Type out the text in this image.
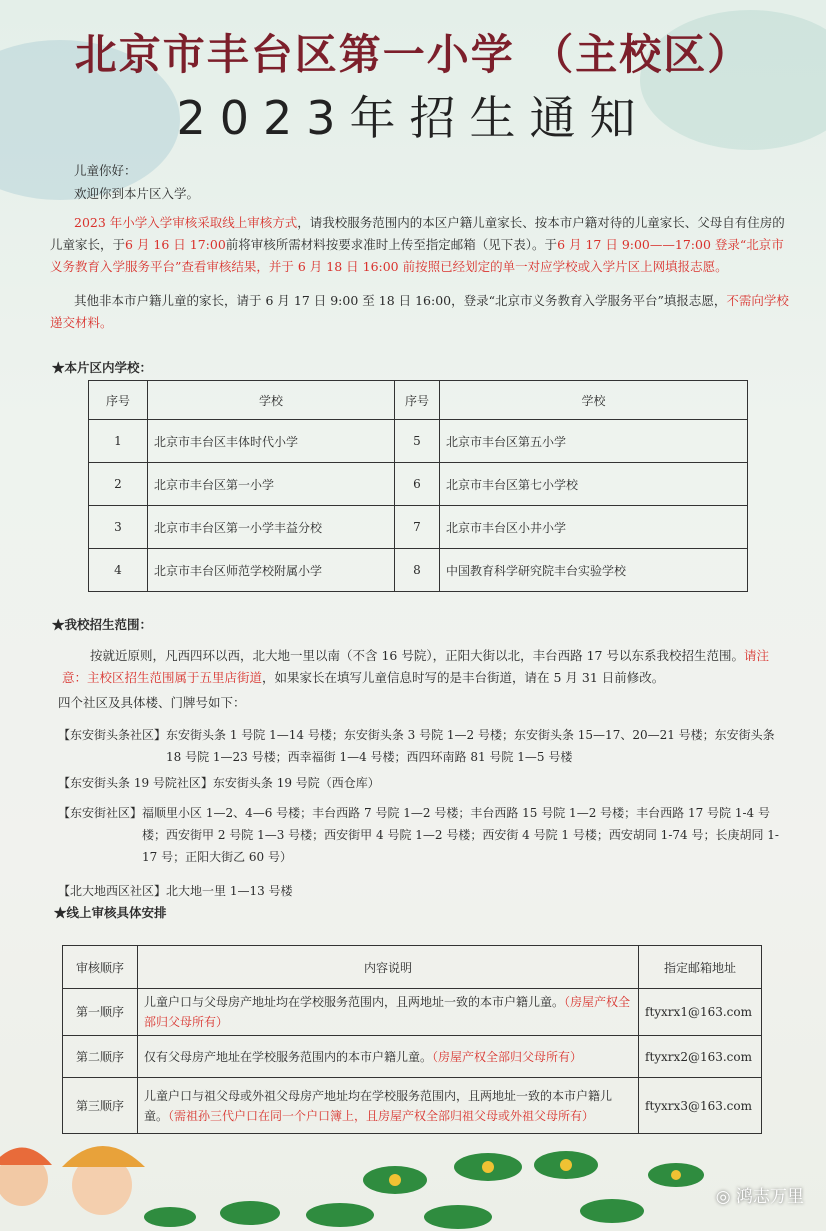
北京市丰台区第一小学 （主校区）
2023年招生通知
儿童你好：
欢迎你到本片区入学。
2023 年小学入学审核采取线上审核方式，请我校服务范围内的本区户籍儿童家长、按本市户籍对待的儿童家长、父母自有住房的儿童家长，于6 月 16 日 17:00前将审核所需材料按要求准时上传至指定邮箱（见下表）。于6 月 17 日 9:00——17:00 登录“北京市义务教育入学服务平台”查看审核结果，并于 6 月 18 日 16:00 前按照已经划定的单一对应学校或入学片区上网填报志愿。
其他非本市户籍儿童的家长，请于 6 月 17 日 9:00 至 18 日 16:00，登录“北京市义务教育入学服务平台”填报志愿，不需向学校递交材料。
★本片区内学校：
序号	学校	序号	学校
1	北京市丰台区丰体时代小学	5	北京市丰台区第五小学
2	北京市丰台区第一小学	6	北京市丰台区第七小学校
3	北京市丰台区第一小学丰益分校	7	北京市丰台区小井小学
4	北京市丰台区师范学校附属小学	8	中国教育科学研究院丰台实验学校
★我校招生范围：
按就近原则，凡西四环以西，北大地一里以南（不含 16 号院），正阳大街以北，丰台西路 17 号以东系我校招生范围。请注意：主校区招生范围属于五里店街道，如果家长在填写儿童信息时写的是丰台街道，请在 5 月 31 日前修改。
四个社区及具体楼、门牌号如下：
【东安街头条社区】 东安街头条 1 号院 1—14 号楼；东安街头条 3 号院 1—2 号楼；东安街头条 15—17、20—21 号楼；东安街头条 18 号院 1—23 号楼；西幸福街 1—4 号楼；西四环南路 81 号院 1—5 号楼
【东安街头条 19 号院社区】东安街头条 19 号院（西仓库）
【东安街社区】 福顺里小区 1—2、4—6 号楼；丰台西路 7 号院 1—2 号楼；丰台西路 15 号院 1—2 号楼；丰台西路 17 号院 1-4 号楼；西安街甲 2 号院 1—3 号楼；西安街甲 4 号院 1—2 号楼；西安街 4 号院 1 号楼；西安胡同 1-74 号；长庚胡同 1-17 号；正阳大街乙 60 号）
【北大地西区社区】北大地一里 1—13 号楼
★线上审核具体安排
审核顺序	内容说明	指定邮箱地址
第一顺序	儿童户口与父母房产地址均在学校服务范围内，且两地址一致的本市户籍儿童。（房屋产权全部归父母所有）	ftyxrx1@163.com
第二顺序	仅有父母房产地址在学校服务范围内的本市户籍儿童。（房屋产权全部归父母所有）	ftyxrx2@163.com
第三顺序	儿童户口与祖父母或外祖父母房产地址均在学校服务范围内，且两地址一致的本市户籍儿童。（需祖孙三代户口在同一个户口簿上，且房屋产权全部归祖父母或外祖父母所有）	ftyxrx3@163.com
◎ 鸿志万里
